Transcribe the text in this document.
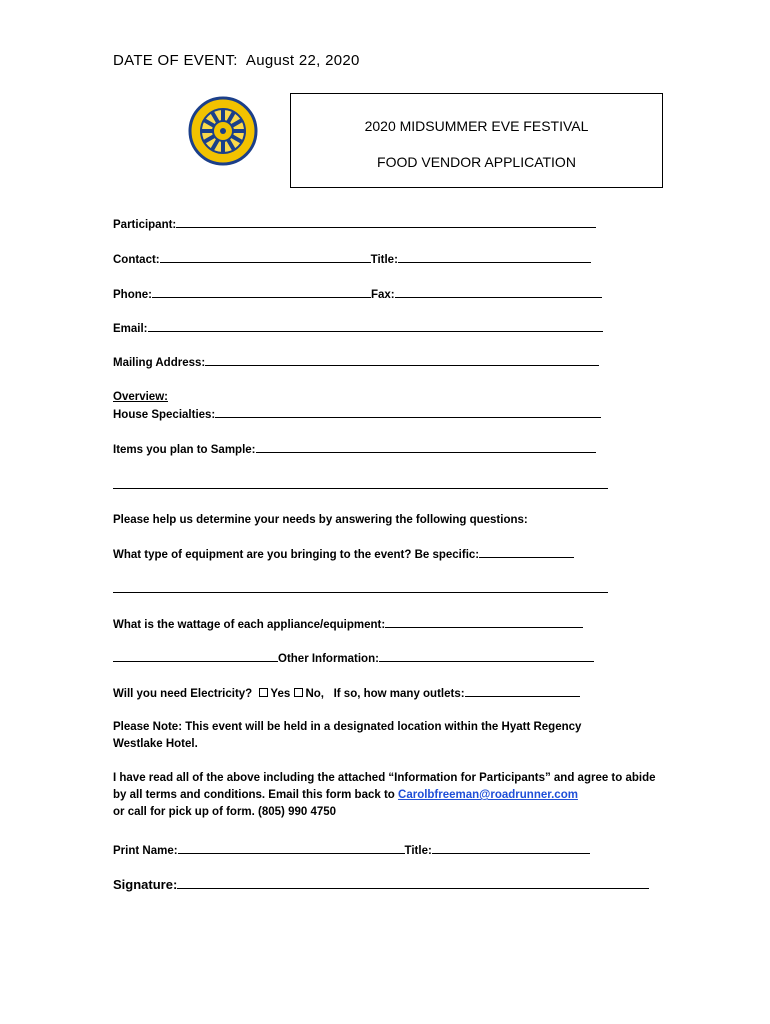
DATE OF EVENT: August 22, 2020
2020 MIDSUMMER EVE FESTIVAL
FOOD VENDOR APPLICATION
Participant:
Contact:	Title:
Phone:	Fax:
Email:
Mailing Address:
Overview:
House Specialties:
Items you plan to Sample:
Please help us determine your needs by answering the following questions:
What type of equipment are you bringing to the event? Be specific:
What is the wattage of each appliance/equipment:
Other Information:
Will you need Electricity? Yes No, If so, how many outlets:
Please Note: This event will be held in a designated location within the Hyatt Regency Westlake Hotel.
I have read all of the above including the attached “Information for Participants” and agree to abide by all terms and conditions. Email this form back to Carolbfreeman@roadrunner.com
or call for pick up of form. (805) 990 4750
Print Name:	Title:
Signature:
